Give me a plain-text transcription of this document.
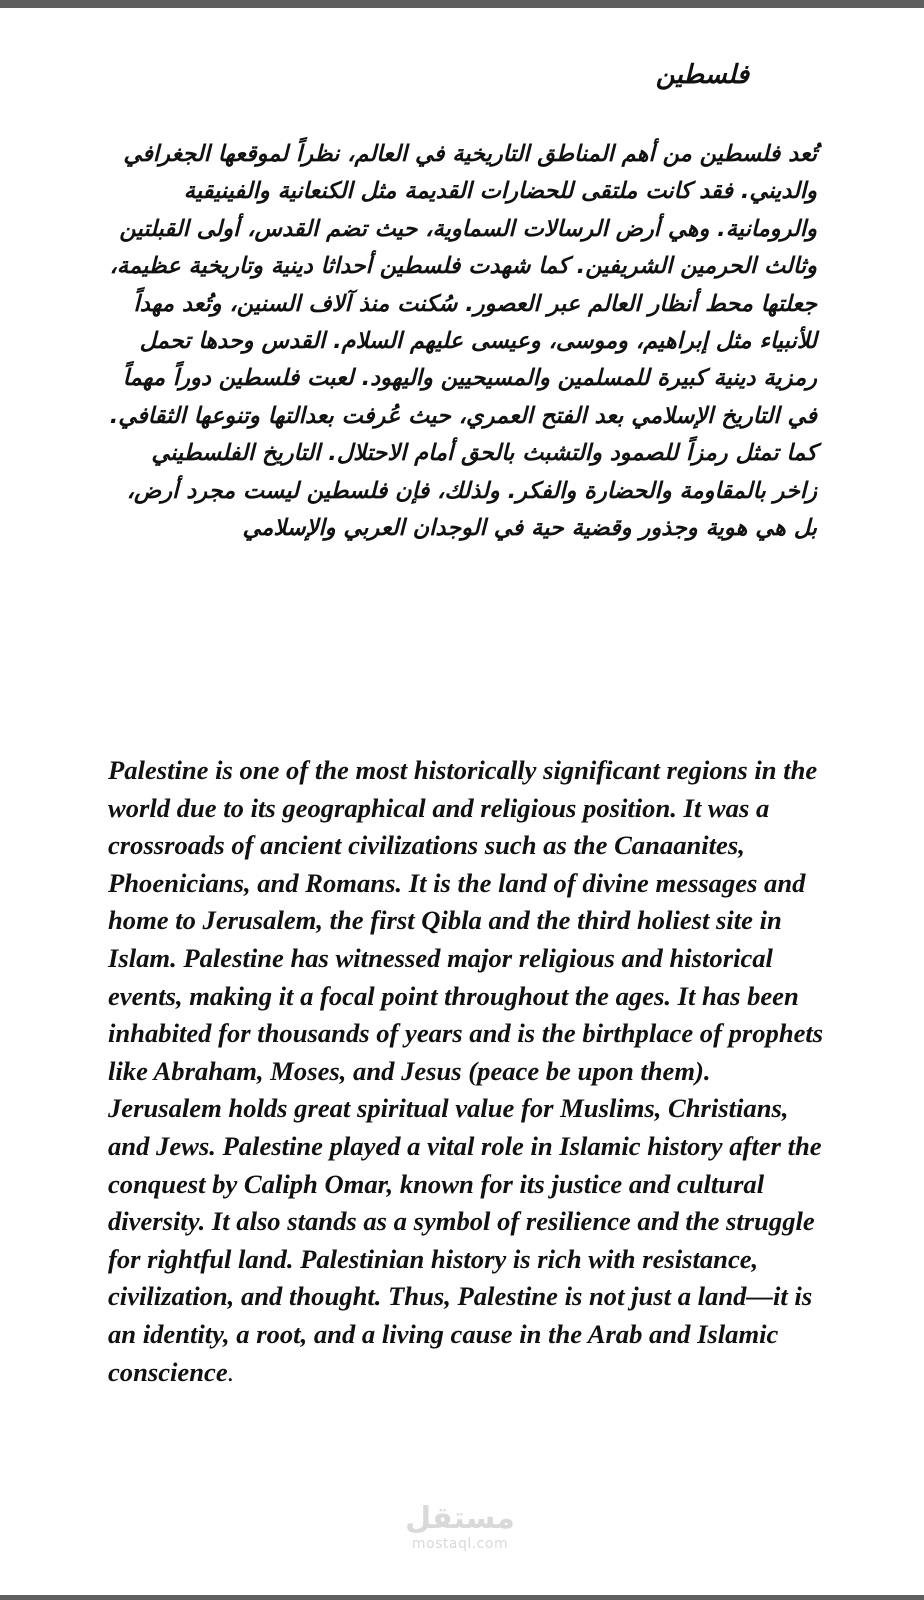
فلسطين

تُعد فلسطين من أهم المناطق التاريخية في العالم، نظراً لموقعها الجغرافي والديني. فقد كانت ملتقى للحضارات القديمة مثل الكنعانية والفينيقية والرومانية. وهي أرض الرسالات السماوية، حيث تضم القدس، أولى القبلتين وثالث الحرمين الشريفين. كما شهدت فلسطين أحداثا دينية وتاريخية عظيمة، جعلتها محط أنظار العالم عبر العصور. سُكنت منذ آلاف السنين، وتُعد مهداً للأنبياء مثل إبراهيم، وموسى، وعيسى عليهم السلام. القدس وحدها تحمل رمزية دينية كبيرة للمسلمين والمسيحيين واليهود. لعبت فلسطين دوراً مهماً في التاريخ الإسلامي بعد الفتح العمري، حيث عُرفت بعدالتها وتنوعها الثقافي. كما تمثل رمزاً للصمود والتشبث بالحق أمام الاحتلال. التاريخ الفلسطيني زاخر بالمقاومة والحضارة والفكر. ولذلك، فإن فلسطين ليست مجرد أرض، بل هي هوية وجذور وقضية حية في الوجدان العربي والإسلامي

Palestine is one of the most historically significant regions in the world due to its geographical and religious position. It was a crossroads of ancient civilizations such as the Canaanites, Phoenicians, and Romans. It is the land of divine messages and home to Jerusalem, the first Qibla and the third holiest site in Islam. Palestine has witnessed major religious and historical events, making it a focal point throughout the ages. It has been inhabited for thousands of years and is the birthplace of prophets like Abraham, Moses, and Jesus (peace be upon them). Jerusalem holds great spiritual value for Muslims, Christians, and Jews. Palestine played a vital role in Islamic history after the conquest by Caliph Omar, known for its justice and cultural diversity. It also stands as a symbol of resilience and the struggle for rightful land. Palestinian history is rich with resistance, civilization, and thought. Thus, Palestine is not just a land—it is an identity, a root, and a living cause in the Arab and Islamic conscience.

مستقل
mostaql.com
